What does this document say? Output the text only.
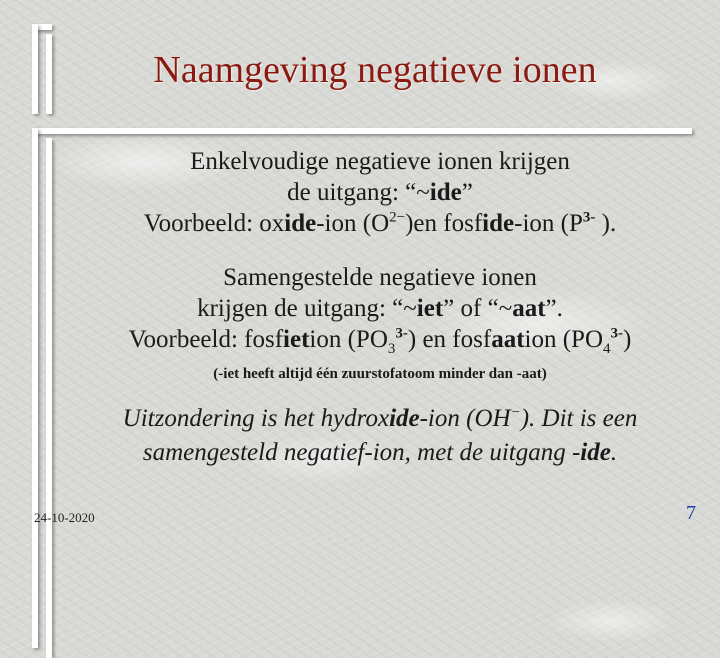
Naamgeving negatieve ionen
Enkelvoudige negatieve ionen krijgen
de uitgang: “~ide”
Voorbeeld: oxide-ion $(O^{2-})en$ fosfide-ion ($P^{3-}$ ).
Samengestelde negatieve ionen
krijgen de uitgang: “~iet” of “~aat”.
Voorbeeld: fosfietion $(PO_3^{3-})$ en fosfaation $(PO_4^{3-})$
(-iet heeft altijd één zuurstofatoom minder dan -aat)
Uitzondering is het hydroxide-ion (OH−). Dit is een
samengesteld negatief-ion, met de uitgang -ide.
24-10-2020	7
